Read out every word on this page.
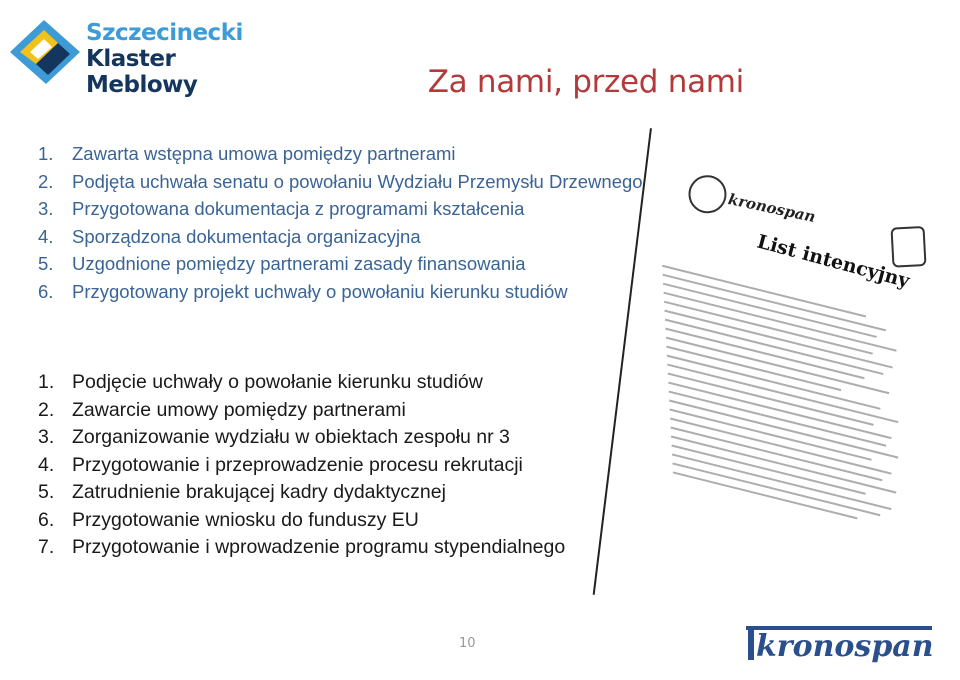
Szczecinecki
Klaster
Meblowy	Za nami, przed nami
kronospan
List intencyjny
1. Zawarta wstępna umowa pomiędzy partnerami
2. Podjęta uchwała senatu o powołaniu Wydziału Przemysłu Drzewnego
3. Przygotowana dokumentacja z programami kształcenia
4. Sporządzona dokumentacja organizacyjna
5. Uzgodnione pomiędzy partnerami zasady finansowania
6. Przygotowany projekt uchwały o powołaniu kierunku studiów
1. Podjęcie uchwały o powołanie kierunku studiów
2. Zawarcie umowy pomiędzy partnerami
3. Zorganizowanie wydziału w obiektach zespołu nr 3
4. Przygotowanie i przeprowadzenie procesu rekrutacji
5. Zatrudnienie brakującej kadry dydaktycznej
6. Przygotowanie wniosku do funduszy EU
7. Przygotowanie i wprowadzenie programu stypendialnego
10	kronospan
